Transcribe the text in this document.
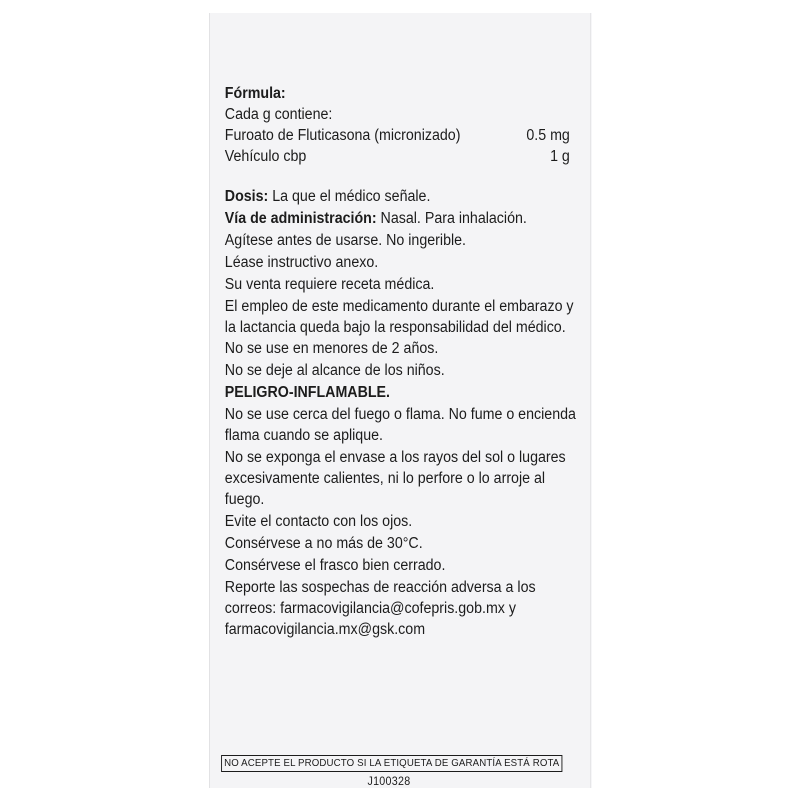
Fórmula:
Cada g contiene:
Furoato de Fluticasona (micronizado)	0.5 mg
Vehículo cbp	1 g
Dosis: La que el médico señale.
Vía de administración: Nasal. Para inhalación.
Agítese antes de usarse. No ingerible.
Léase instructivo anexo.
Su venta requiere receta médica.
El empleo de este medicamento durante el embarazo y la lactancia queda bajo la responsabilidad del médico. No se use en menores de 2 años.
No se deje al alcance de los niños.
PELIGRO-INFLAMABLE.
No se use cerca del fuego o flama. No fume o encienda flama cuando se aplique.
No se exponga el envase a los rayos del sol o lugares excesivamente calientes, ni lo perfore o lo arroje al fuego.
Evite el contacto con los ojos.
Consérvese a no más de 30°C.
Consérvese el frasco bien cerrado.
Reporte las sospechas de reacción adversa a los correos: farmacovigilancia@cofepris.gob.mx y farmacovigilancia.mx@gsk.com
NO ACEPTE EL PRODUCTO SI LA ETIQUETA DE GARANTÍA ESTÁ ROTA
J100328
